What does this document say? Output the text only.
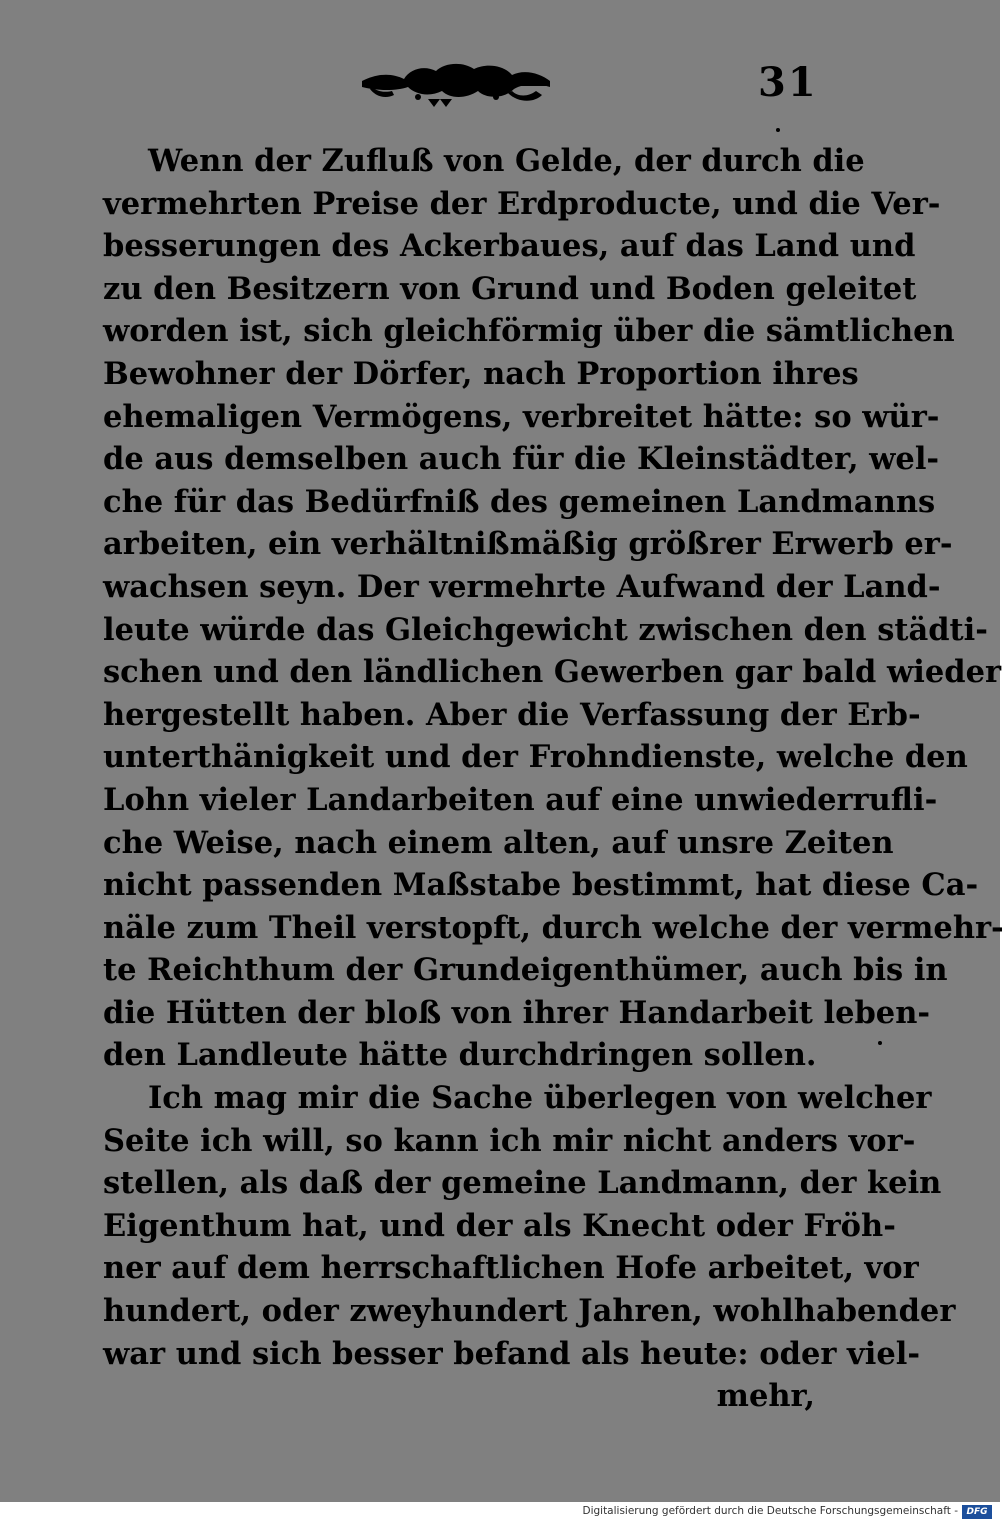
31
Wenn der Zufluß von Gelde, der durch die
vermehrten Preise der Erdproducte, und die Ver-
besserungen des Ackerbaues, auf das Land und
zu den Besitzern von Grund und Boden geleitet
worden ist, sich gleichförmig über die sämtlichen
Bewohner der Dörfer, nach Proportion ihres
ehemaligen Vermögens, verbreitet hätte: so wür-
de aus demselben auch für die Kleinstädter, wel-
che für das Bedürfniß des gemeinen Landmanns
arbeiten, ein verhältnißmäßig größrer Erwerb er-
wachsen seyn. Der vermehrte Aufwand der Land-
leute würde das Gleichgewicht zwischen den städti-
schen und den ländlichen Gewerben gar bald wieder
hergestellt haben. Aber die Verfassung der Erb-
unterthänigkeit und der Frohndienste, welche den
Lohn vieler Landarbeiten auf eine unwiederrufli-
che Weise, nach einem alten, auf unsre Zeiten
nicht passenden Maßstabe bestimmt, hat diese Ca-
näle zum Theil verstopft, durch welche der vermehr-
te Reichthum der Grundeigenthümer, auch bis in
die Hütten der bloß von ihrer Handarbeit leben-
den Landleute hätte durchdringen sollen.
Ich mag mir die Sache überlegen von welcher
Seite ich will, so kann ich mir nicht anders vor-
stellen, als daß der gemeine Landmann, der kein
Eigenthum hat, und der als Knecht oder Fröh-
ner auf dem herrschaftlichen Hofe arbeitet, vor
hundert, oder zweyhundert Jahren, wohlhabender
war und sich besser befand als heute: oder viel-
mehr,
Digitalisierung gefördert durch die Deutsche Forschungsgemeinschaft - DFG
